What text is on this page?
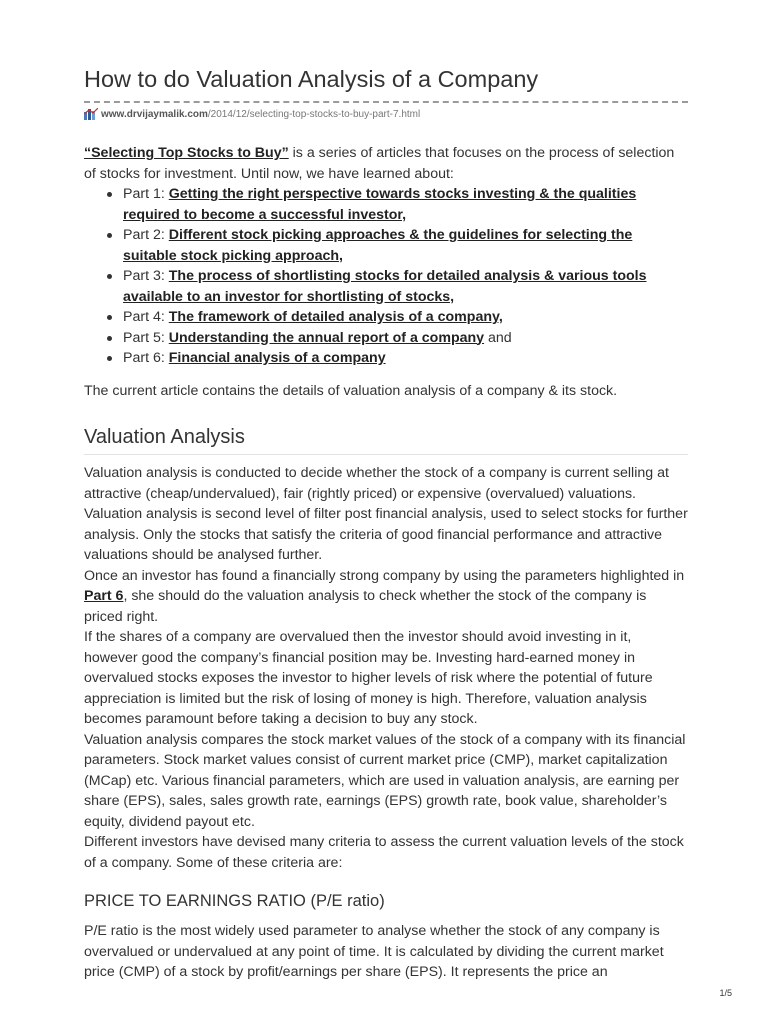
How to do Valuation Analysis of a Company
www.drvijaymalik.com/2014/12/selecting-top-stocks-to-buy-part-7.html

“Selecting Top Stocks to Buy” is a series of articles that focuses on the process of selection of stocks for investment. Until now, we have learned about:

Part 1: Getting the right perspective towards stocks investing & the qualities required to become a successful investor,
Part 2: Different stock picking approaches & the guidelines for selecting the suitable stock picking approach,
Part 3: The process of shortlisting stocks for detailed analysis & various tools available to an investor for shortlisting of stocks,
Part 4: The framework of detailed analysis of a company,
Part 5: Understanding the annual report of a company and
Part 6: Financial analysis of a company

The current article contains the details of valuation analysis of a company & its stock.

Valuation Analysis

Valuation analysis is conducted to decide whether the stock of a company is current selling at attractive (cheap/undervalued), fair (rightly priced) or expensive (overvalued) valuations. Valuation analysis is second level of filter post financial analysis, used to select stocks for further analysis. Only the stocks that satisfy the criteria of good financial performance and attractive valuations should be analysed further.

Once an investor has found a financially strong company by using the parameters highlighted in Part 6, she should do the valuation analysis to check whether the stock of the company is priced right.

If the shares of a company are overvalued then the investor should avoid investing in it, however good the company’s financial position may be. Investing hard-earned money in overvalued stocks exposes the investor to higher levels of risk where the potential of future appreciation is limited but the risk of losing of money is high. Therefore, valuation analysis becomes paramount before taking a decision to buy any stock.

Valuation analysis compares the stock market values of the stock of a company with its financial parameters. Stock market values consist of current market price (CMP), market capitalization (MCap) etc. Various financial parameters, which are used in valuation analysis, are earning per share (EPS), sales, sales growth rate, earnings (EPS) growth rate, book value, shareholder’s equity, dividend payout etc.

Different investors have devised many criteria to assess the current valuation levels of the stock of a company. Some of these criteria are:

PRICE TO EARNINGS RATIO (P/E ratio)

P/E ratio is the most widely used parameter to analyse whether the stock of any company is overvalued or undervalued at any point of time. It is calculated by dividing the current market price (CMP) of a stock by profit/earnings per share (EPS). It represents the price an

1/5
